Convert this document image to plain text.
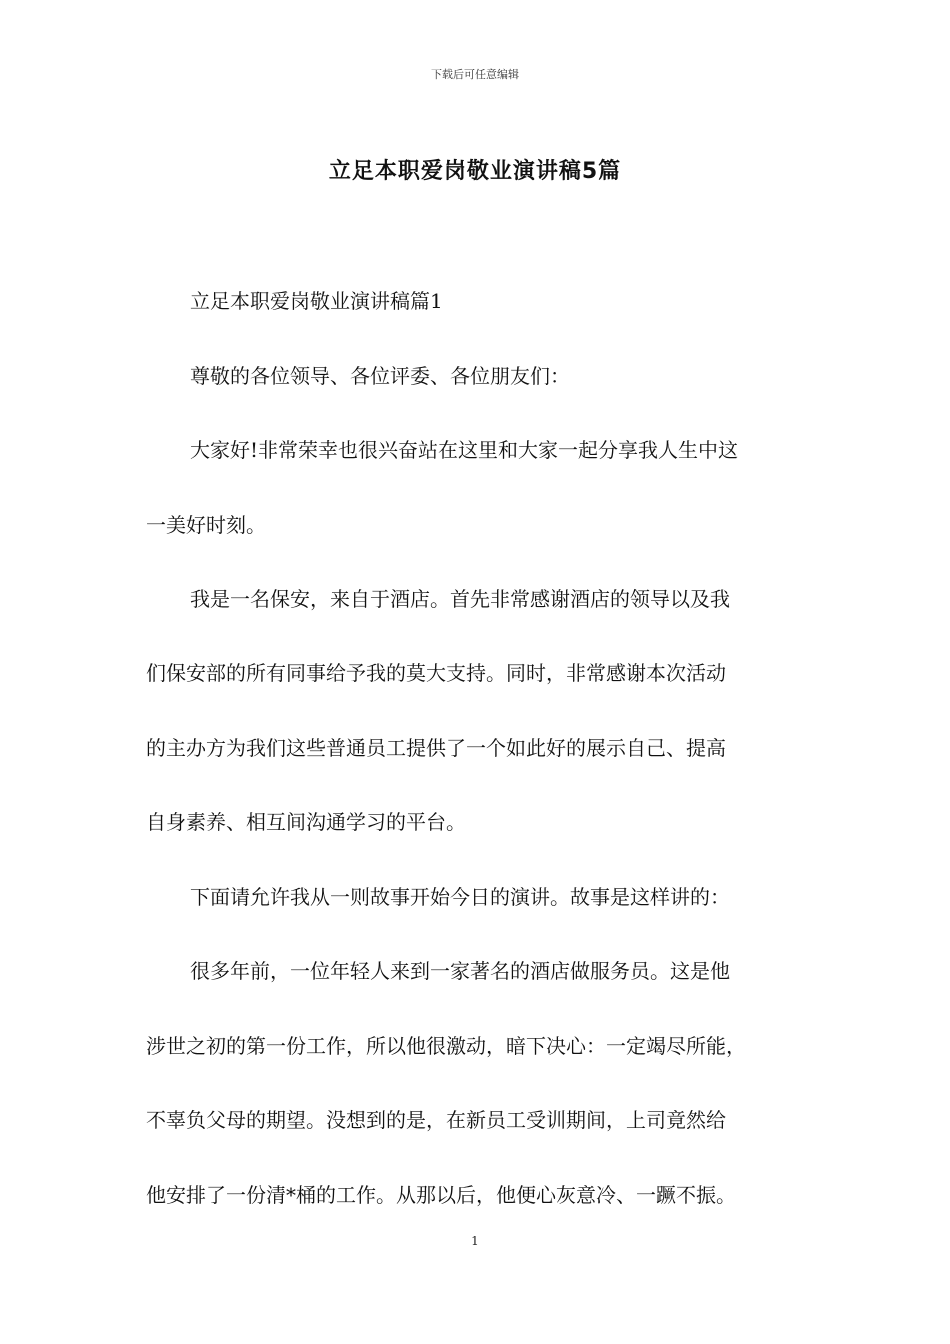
下载后可任意编辑
立足本职爱岗敬业演讲稿5篇
立足本职爱岗敬业演讲稿篇1
尊敬的各位领导、各位评委、各位朋友们：
大家好!非常荣幸也很兴奋站在这里和大家一起分享我人生中这
一美好时刻。
我是一名保安，来自于酒店。首先非常感谢酒店的领导以及我
们保安部的所有同事给予我的莫大支持。同时，非常感谢本次活动
的主办方为我们这些普通员工提供了一个如此好的展示自己、提高
自身素养、相互间沟通学习的平台。
下面请允许我从一则故事开始今日的演讲。故事是这样讲的：
很多年前，一位年轻人来到一家著名的酒店做服务员。这是他
涉世之初的第一份工作，所以他很激动，暗下决心：一定竭尽所能，
不辜负父母的期望。没想到的是，在新员工受训期间，上司竟然给
他安排了一份清*桶的工作。从那以后，他便心灰意冷、一蹶不振。
1
